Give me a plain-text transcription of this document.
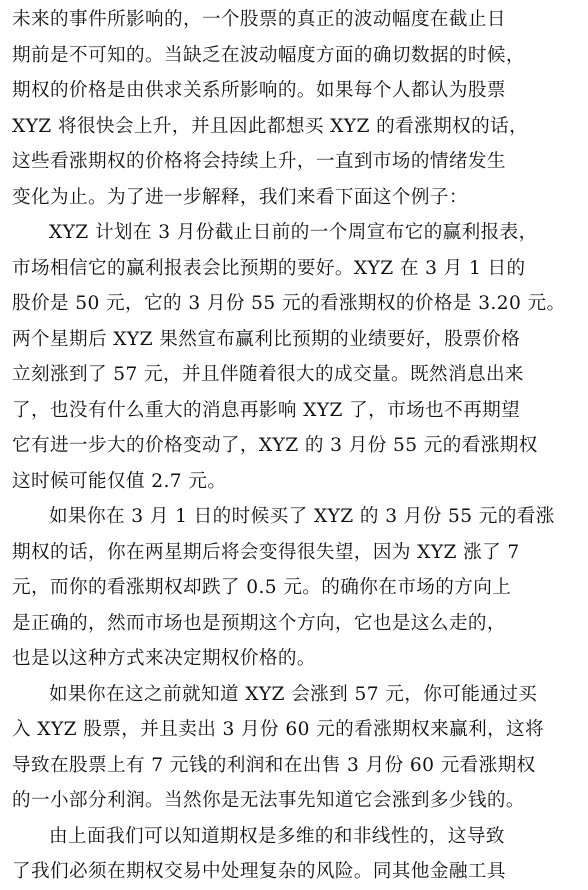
未来的事件所影响的，一个股票的真正的波动幅度在截止日
期前是不可知的。当缺乏在波动幅度方面的确切数据的时候，
期权的价格是由供求关系所影响的。如果每个人都认为股票
XYZ 将很快会上升，并且因此都想买 XYZ 的看涨期权的话，
这些看涨期权的价格将会持续上升，一直到市场的情绪发生
变化为止。为了进一步解释，我们来看下面这个例子：
XYZ 计划在 3 月份截止日前的一个周宣布它的赢利报表，
市场相信它的赢利报表会比预期的要好。XYZ 在 3 月 1 日的
股价是 50 元，它的 3 月份 55 元的看涨期权的价格是 3.20 元。
两个星期后 XYZ 果然宣布赢利比预期的业绩要好，股票价格
立刻涨到了 57 元，并且伴随着很大的成交量。既然消息出来
了，也没有什么重大的消息再影响 XYZ 了，市场也不再期望
它有进一步大的价格变动了，XYZ 的 3 月份 55 元的看涨期权
这时候可能仅值 2.7 元。
如果你在 3 月 1 日的时候买了 XYZ 的 3 月份 55 元的看涨
期权的话，你在两星期后将会变得很失望，因为 XYZ 涨了 7
元，而你的看涨期权却跌了 0.5 元。的确你在市场的方向上
是正确的，然而市场也是预期这个方向，它也是这么走的，
也是以这种方式来决定期权价格的。
如果你在这之前就知道 XYZ 会涨到 57 元，你可能通过买
入 XYZ 股票，并且卖出 3 月份 60 元的看涨期权来赢利，这将
导致在股票上有 7 元钱的利润和在出售 3 月份 60 元看涨期权
的一小部分利润。当然你是无法事先知道它会涨到多少钱的。
由上面我们可以知道期权是多维的和非线性的，这导致
了我们必须在期权交易中处理复杂的风险。同其他金融工具
